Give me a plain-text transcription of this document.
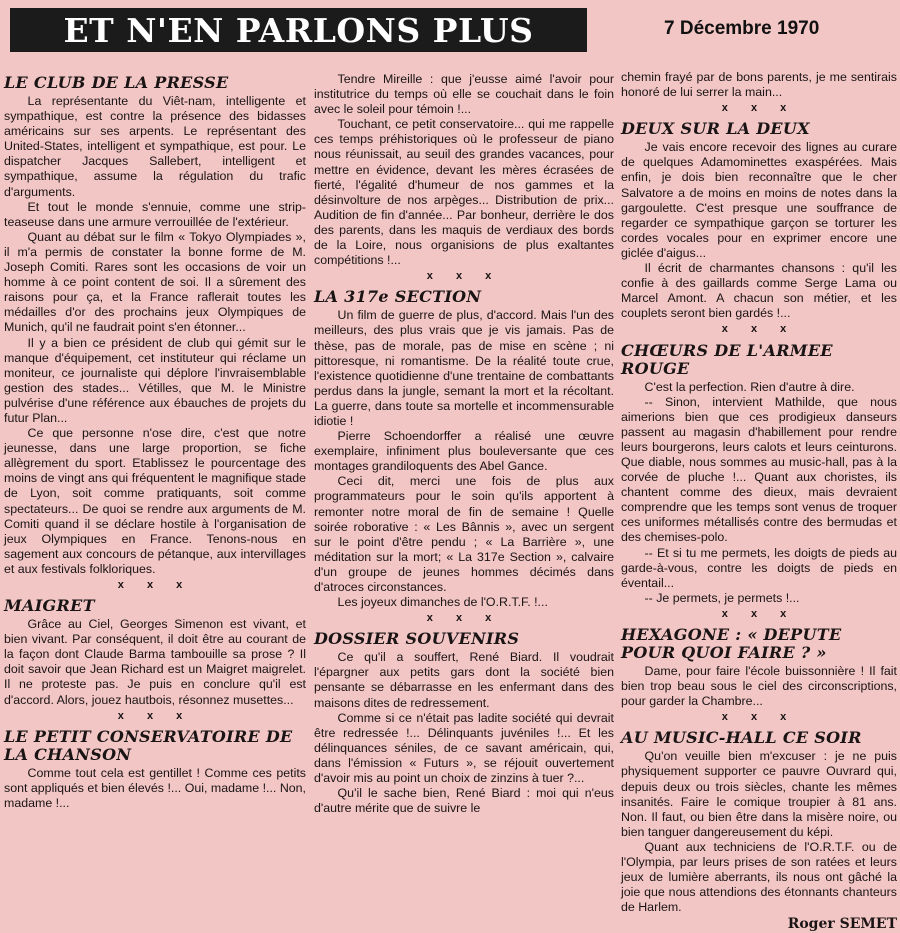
ET N'EN PARLONS PLUS	7 Décembre 1970
LE CLUB DE LA PRESSE

La représentante du Viêt-nam, intelligente et sympathique, est contre la présence des bidasses américains sur ses arpents. Le représentant des United-States, intelligent et sympathique, est pour. Le dispatcher Jacques Sallebert, intelligent et sympathique, assume la régulation du trafic d'arguments.

Et tout le monde s'ennuie, comme une strip-teaseuse dans une armure verrouillée de l'extérieur.

Quant au débat sur le film « Tokyo Olympiades », il m'a permis de constater la bonne forme de M. Joseph Comiti. Rares sont les occasions de voir un homme à ce point content de soi. Il a sûrement des raisons pour ça, et la France raflerait toutes les médailles d'or des prochains jeux Olympiques de Munich, qu'il ne faudrait point s'en étonner...

Il y a bien ce président de club qui gémit sur le manque d'équipement, cet instituteur qui réclame un moniteur, ce journaliste qui déplore l'invraisemblable gestion des stades... Vétilles, que M. le Ministre pulvérise d'une référence aux ébauches de projets du futur Plan...

Ce que personne n'ose dire, c'est que notre jeunesse, dans une large proportion, se fiche allègrement du sport. Etablissez le pourcentage des moins de vingt ans qui fréquentent le magnifique stade de Lyon, soit comme pratiquants, soit comme spectateurs... De quoi se rendre aux arguments de M. Comiti quand il se déclare hostile à l'organisation de jeux Olympiques en France. Tenons-nous en sagement aux concours de pétanque, aux intervillages et aux festivals folkloriques.

x x x
MAIGRET

Grâce au Ciel, Georges Simenon est vivant, et bien vivant. Par conséquent, il doit être au courant de la façon dont Claude Barma tambouille sa prose ? Il doit savoir que Jean Richard est un Maigret maigrelet. Il ne proteste pas. Je puis en conclure qu'il est d'accord. Alors, jouez hautbois, résonnez musettes...

x x x
LE PETIT CONSERVATOIRE DE LA CHANSON

Comme tout cela est gentillet ! Comme ces petits sont appliqués et bien élevés !... Oui, madame !... Non, madame !...

Tendre Mireille : que j'eusse aimé l'avoir pour institutrice du temps où elle se couchait dans le foin avec le soleil pour témoin !...

Touchant, ce petit conservatoire... qui me rappelle ces temps préhistoriques où le professeur de piano nous réunissait, au seuil des grandes vacances, pour mettre en évidence, devant les mères écrasées de fierté, l'égalité d'humeur de nos gammes et la désinvolture de nos arpèges... Distribution de prix... Audition de fin d'année... Par bonheur, derrière le dos des parents, dans les maquis de verdiaux des bords de la Loire, nous organisions de plus exaltantes compétitions !...

x x x
LA 317e SECTION

Un film de guerre de plus, d'accord. Mais l'un des meilleurs, des plus vrais que je vis jamais. Pas de thèse, pas de morale, pas de mise en scène ; ni pittoresque, ni romantisme. De la réalité toute crue, l'existence quotidienne d'une trentaine de combattants perdus dans la jungle, semant la mort et la récoltant. La guerre, dans toute sa mortelle et incommensurable idiotie !

Pierre Schoendorffer a réalisé une œuvre exemplaire, infiniment plus bouleversante que ces montages grandiloquents des Abel Gance.

Ceci dit, merci une fois de plus aux programmateurs pour le soin qu'ils apportent à remonter notre moral de fin de semaine ! Quelle soirée roborative : « Les Bânnis », avec un sergent sur le point d'être pendu ; « La Barrière », une méditation sur la mort; « La 317e Section », calvaire d'un groupe de jeunes hommes décimés dans d'atroces circonstances.

Les joyeux dimanches de l'O.R.T.F. !...

x x x
DOSSIER SOUVENIRS

Ce qu'il a souffert, René Biard. Il voudrait l'épargner aux petits gars dont la société bien pensante se débarrasse en les enfermant dans des maisons dites de redressement.

Comme si ce n'était pas ladite société qui devrait être redressée !... Délinquants juvéniles !... Et les délinquances séniles, de ce savant américain, qui, dans l'émission « Futurs », se réjouit ouvertement d'avoir mis au point un choix de zinzins à tuer ?...

Qu'il le sache bien, René Biard : moi qui n'eus d'autre mérite que de suivre le

chemin frayé par de bons parents, je me sentirais honoré de lui serrer la main...

x x x
DEUX SUR LA DEUX

Je vais encore recevoir des lignes au curare de quelques Adamominettes exaspérées. Mais enfin, je dois bien reconnaître que le cher Salvatore a de moins en moins de notes dans la gargoulette. C'est presque une souffrance de regarder ce sympathique garçon se torturer les cordes vocales pour en exprimer encore une giclée d'aigus...

Il écrit de charmantes chansons : qu'il les confie à des gaillards comme Serge Lama ou Marcel Amont. A chacun son métier, et les couplets seront bien gardés !...

x x x
CHŒURS DE L'ARMEE ROUGE

C'est la perfection. Rien d'autre à dire.

-- Sinon, intervient Mathilde, que nous aimerions bien que ces prodigieux danseurs passent au magasin d'habillement pour rendre leurs bourgerons, leurs calots et leurs ceinturons. Que diable, nous sommes au music-hall, pas à la corvée de pluche !... Quant aux choristes, ils chantent comme des dieux, mais devraient comprendre que les temps sont venus de troquer ces uniformes métallisés contre des bermudas et des chemises-polo.

-- Et si tu me permets, les doigts de pieds au garde-à-vous, contre les doigts de pieds en éventail...

-- Je permets, je permets !...

x x x
HEXAGONE : « DEPUTE POUR QUOI FAIRE ? »

Dame, pour faire l'école buissonnière ! Il fait bien trop beau sous le ciel des circonscriptions, pour garder la Chambre...

x x x
AU MUSIC-HALL CE SOIR

Qu'on veuille bien m'excuser : je ne puis physiquement supporter ce pauvre Ouvrard qui, depuis deux ou trois siècles, chante les mêmes insanités. Faire le comique troupier à 81 ans. Non. Il faut, ou bien être dans la misère noire, ou bien tanguer dangereusement du képi.

Quant aux techniciens de l'O.R.T.F. ou de l'Olympia, par leurs prises de son ratées et leurs jeux de lumière aberrants, ils nous ont gâché la joie que nous attendions des étonnants chanteurs de Harlem.

Roger SEMET
